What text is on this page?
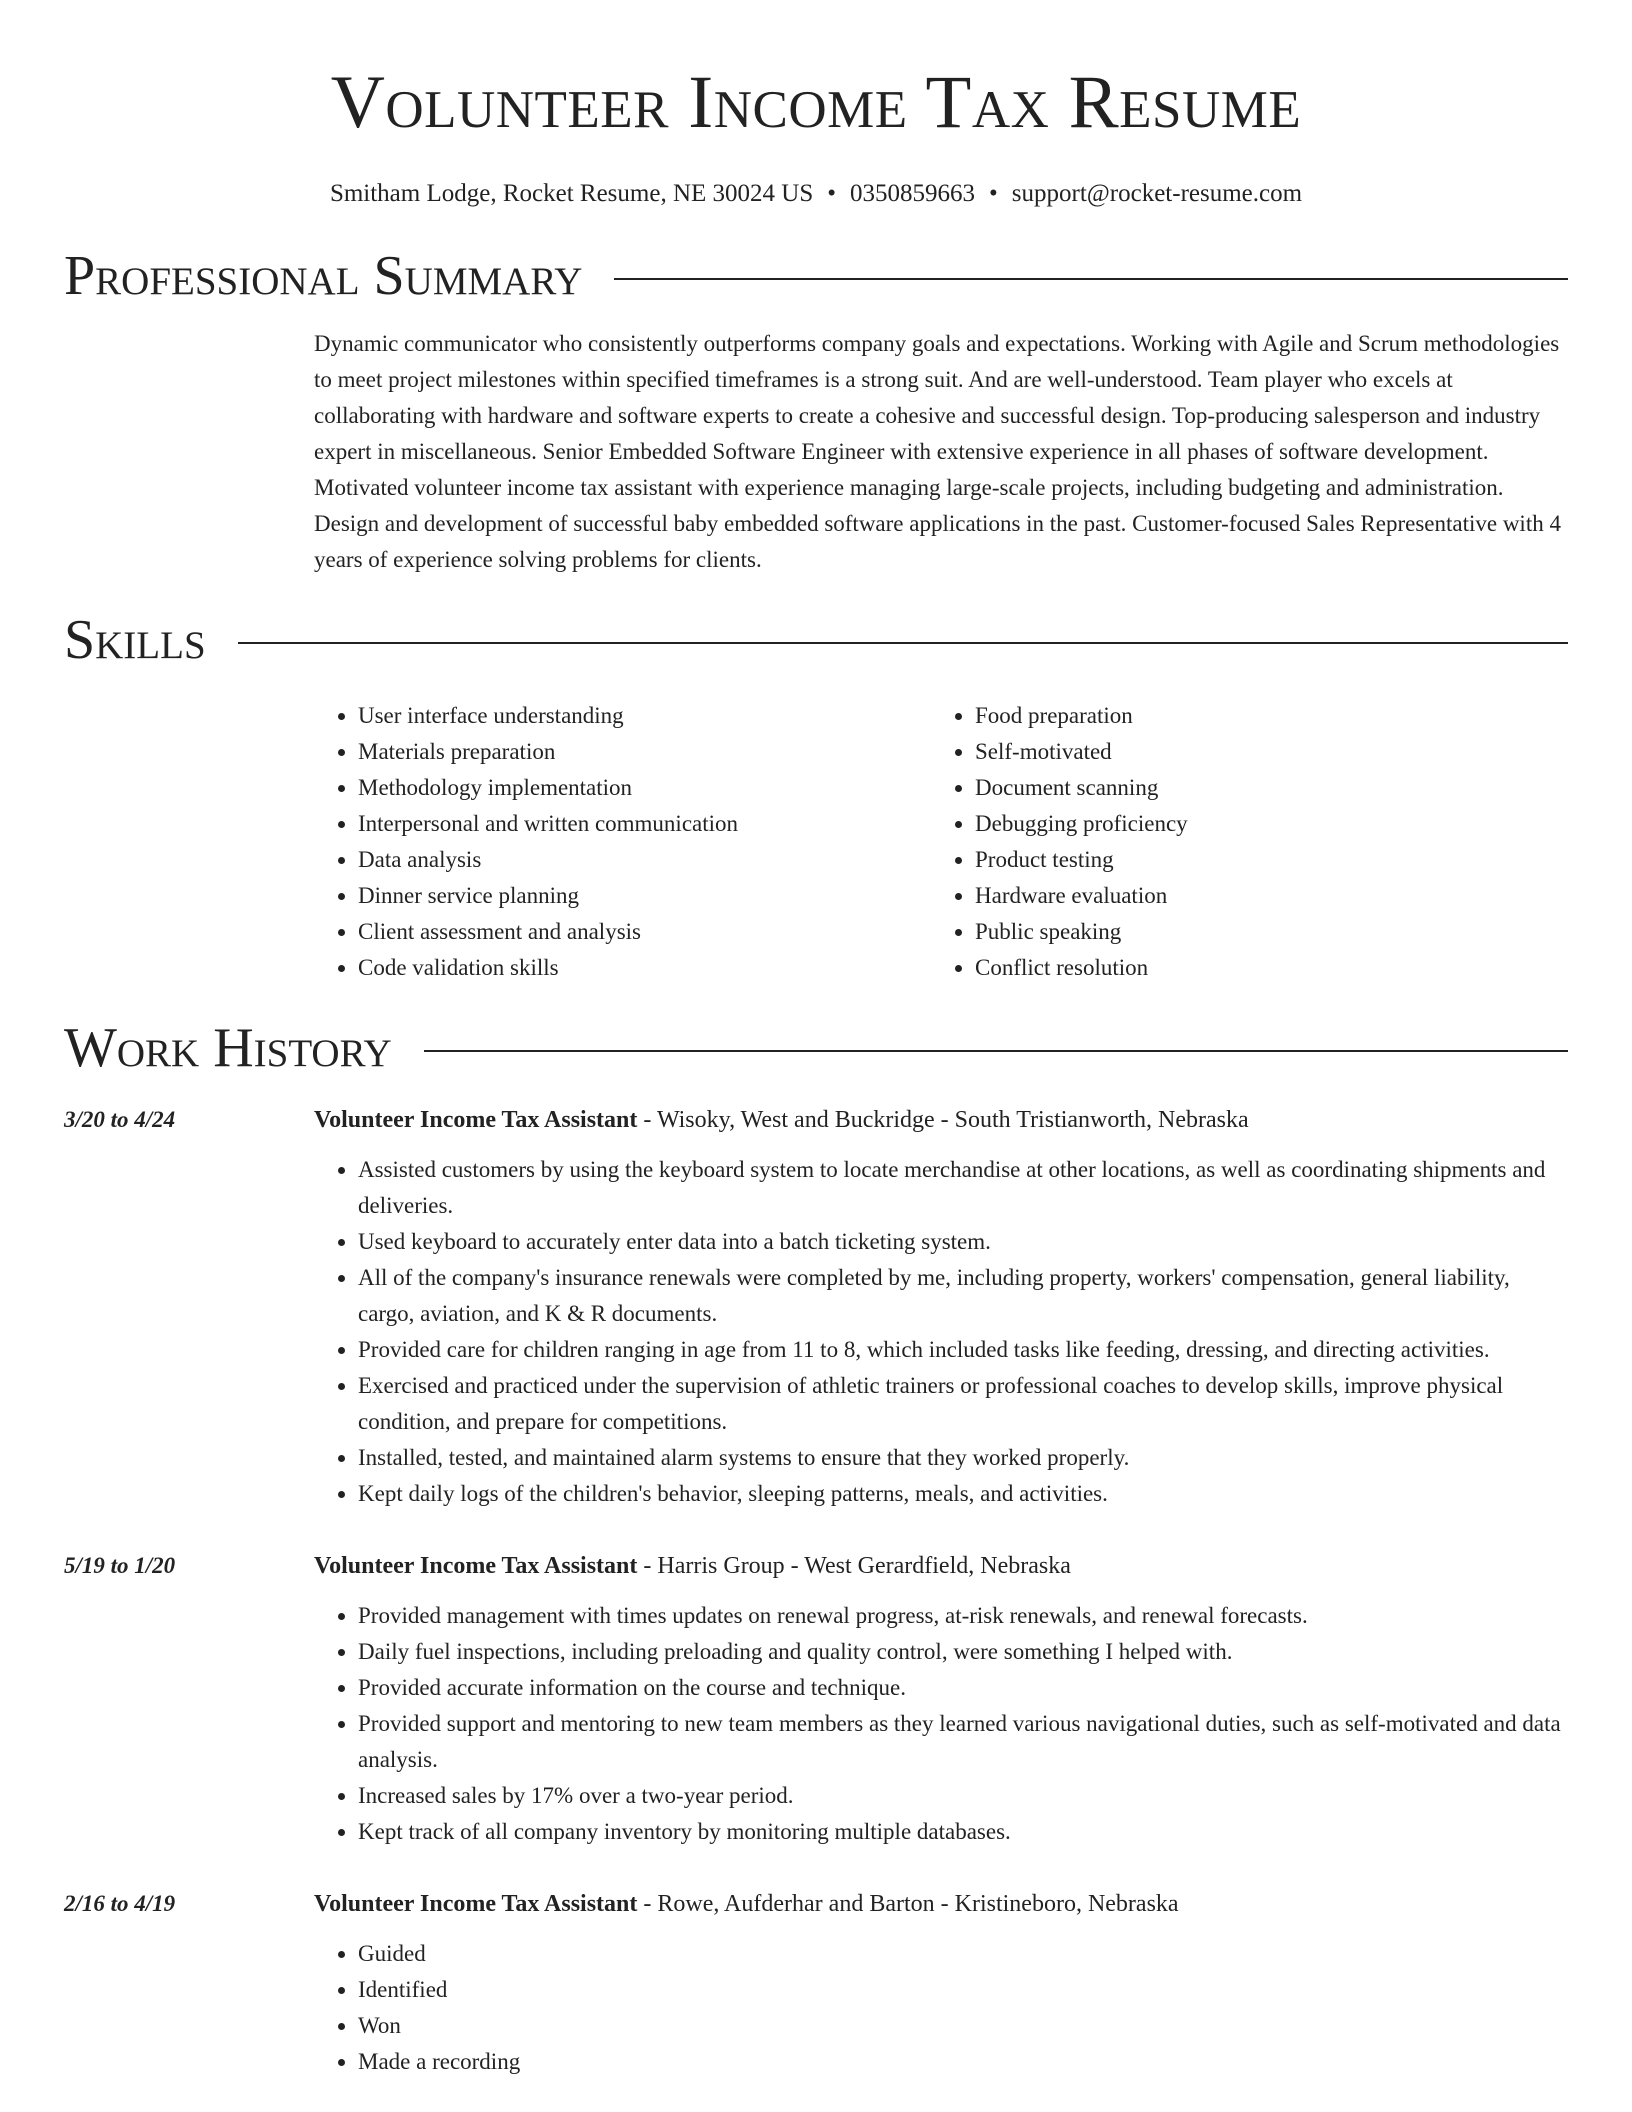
Volunteer Income Tax Resume
Smitham Lodge, Rocket Resume, NE 30024 US • 0350859663 • support@rocket-resume.com
Professional Summary
Dynamic communicator who consistently outperforms company goals and expectations. Working with Agile and Scrum methodologies to meet project milestones within specified timeframes is a strong suit. And are well-understood. Team player who excels at collaborating with hardware and software experts to create a cohesive and successful design. Top-producing salesperson and industry expert in miscellaneous. Senior Embedded Software Engineer with extensive experience in all phases of software development. Motivated volunteer income tax assistant with experience managing large-scale projects, including budgeting and administration. Design and development of successful baby embedded software applications in the past. Customer-focused Sales Representative with 4 years of experience solving problems for clients.
Skills
• User interface understanding
• Materials preparation
• Methodology implementation
• Interpersonal and written communication
• Data analysis
• Dinner service planning
• Client assessment and analysis
• Code validation skills
• Food preparation
• Self-motivated
• Document scanning
• Debugging proficiency
• Product testing
• Hardware evaluation
• Public speaking
• Conflict resolution
Work History
3/20 to 4/24	Volunteer Income Tax Assistant - Wisoky, West and Buckridge - South Tristianworth, Nebraska
• Assisted customers by using the keyboard system to locate merchandise at other locations, as well as coordinating shipments and deliveries.
• Used keyboard to accurately enter data into a batch ticketing system.
• All of the company's insurance renewals were completed by me, including property, workers' compensation, general liability, cargo, aviation, and K & R documents.
• Provided care for children ranging in age from 11 to 8, which included tasks like feeding, dressing, and directing activities.
• Exercised and practiced under the supervision of athletic trainers or professional coaches to develop skills, improve physical condition, and prepare for competitions.
• Installed, tested, and maintained alarm systems to ensure that they worked properly.
• Kept daily logs of the children's behavior, sleeping patterns, meals, and activities.
5/19 to 1/20	Volunteer Income Tax Assistant - Harris Group - West Gerardfield, Nebraska
• Provided management with times updates on renewal progress, at-risk renewals, and renewal forecasts.
• Daily fuel inspections, including preloading and quality control, were something I helped with.
• Provided accurate information on the course and technique.
• Provided support and mentoring to new team members as they learned various navigational duties, such as self-motivated and data analysis.
• Increased sales by 17% over a two-year period.
• Kept track of all company inventory by monitoring multiple databases.
2/16 to 4/19	Volunteer Income Tax Assistant - Rowe, Aufderhar and Barton - Kristineboro, Nebraska
• Guided
• Identified
• Won
• Made a recording
